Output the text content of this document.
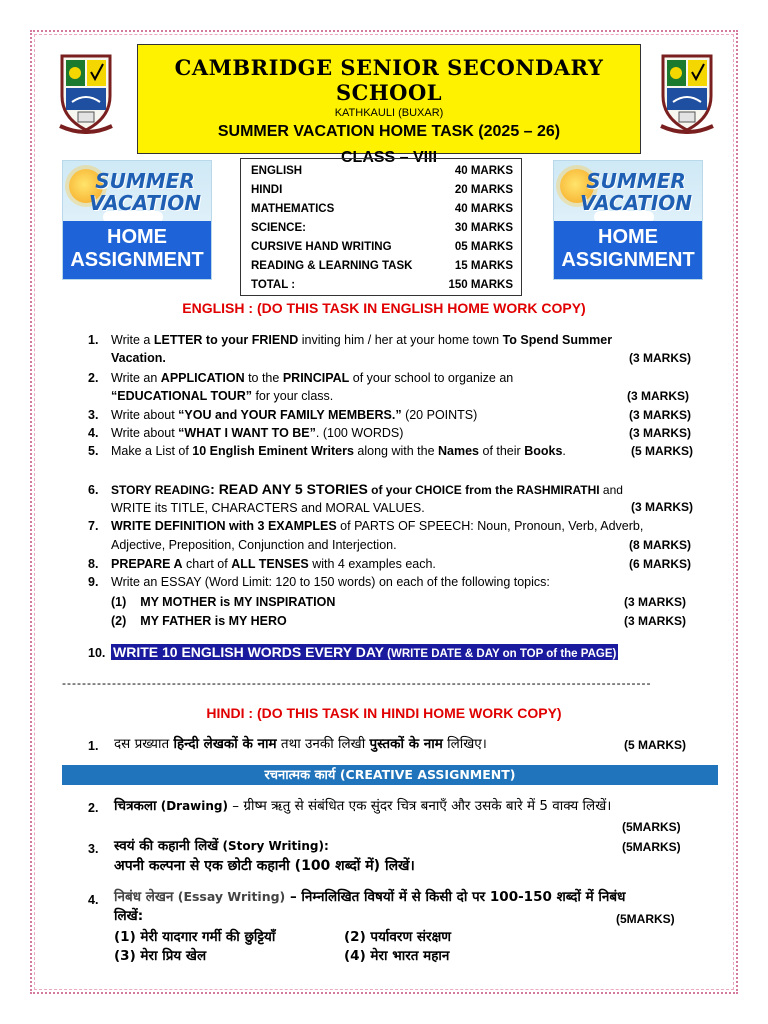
CAMBRIDGE SENIOR SECONDARY SCHOOL
KATHKAULI (BUXAR)
SUMMER VACATION HOME TASK (2025 – 26)
CLASS – VIII
SUMMER
VACATION
HOME
ASSIGNMENT
SUMMER
VACATION
HOME
ASSIGNMENT
ENGLISH	40 MARKS
HINDI	20 MARKS
MATHEMATICS	40 MARKS
SCIENCE:	30 MARKS
CURSIVE HAND WRITING	05 MARKS
READING & LEARNING TASK	15 MARKS
TOTAL :	150 MARKS
ENGLISH : (DO THIS TASK IN ENGLISH HOME WORK COPY)
1. Write a LETTER to your FRIEND inviting him / her at your home town To Spend Summer
Vacation.	(3 MARKS)
2. Write an APPLICATION to the PRINCIPAL of your school to organize an
“EDUCATIONAL TOUR” for your class.	(3 MARKS)
3. Write about “YOU and YOUR FAMILY MEMBERS.” (20 POINTS)	(3 MARKS)
4. Write about “WHAT I WANT TO BE”. (100 WORDS)	(3 MARKS)
5. Make a List of 10 English Eminent Writers along with the Names of their Books.	(5 MARKS)
6. STORY READING: READ ANY 5 STORIES of your CHOICE from the RASHMIRATHI and
WRITE its TITLE, CHARACTERS and MORAL VALUES.	(3 MARKS)
7. WRITE DEFINITION with 3 EXAMPLES of PARTS OF SPEECH: Noun, Pronoun, Verb, Adverb,
Adjective, Preposition, Conjunction and Interjection.	(8 MARKS)
8. PREPARE A chart of ALL TENSES with 4 examples each.	(6 MARKS)
9. Write an ESSAY (Word Limit: 120 to 150 words) on each of the following topics:
(1) MY MOTHER is MY INSPIRATION	(3 MARKS)
(2) MY FATHER is MY HERO	(3 MARKS)
10. WRITE 10 ENGLISH WORDS EVERY DAY (WRITE DATE & DAY on TOP of the PAGE)
----------------------------------------------------------------------------------------------------------------------
HINDI : (DO THIS TASK IN HINDI HOME WORK COPY)
1. दस प्रख्यात हिन्दी लेखकों के नाम तथा उनकी लिखी पुस्तकों के नाम लिखिए।	(5 MARKS)
रचनात्मक कार्य (CREATIVE ASSIGNMENT)
2. चित्रकला (Drawing) – ग्रीष्म ऋतु से संबंधित एक सुंदर चित्र बनाएँ और उसके बारे में 5 वाक्य लिखें।
(5MARKS)
3. स्वयं की कहानी लिखें (Story Writing):	(5MARKS)
अपनी कल्पना से एक छोटी कहानी (100 शब्दों में) लिखें।
4. निबंध लेखन (Essay Writing) – निम्नलिखित विषयों में से किसी दो पर 100-150 शब्दों में निबंध
लिखें:	(5MARKS)
(1) मेरी यादगार गर्मी की छुट्टियाँ	(2) पर्यावरण संरक्षण
(3) मेरा प्रिय खेल	(4) मेरा भारत महान
